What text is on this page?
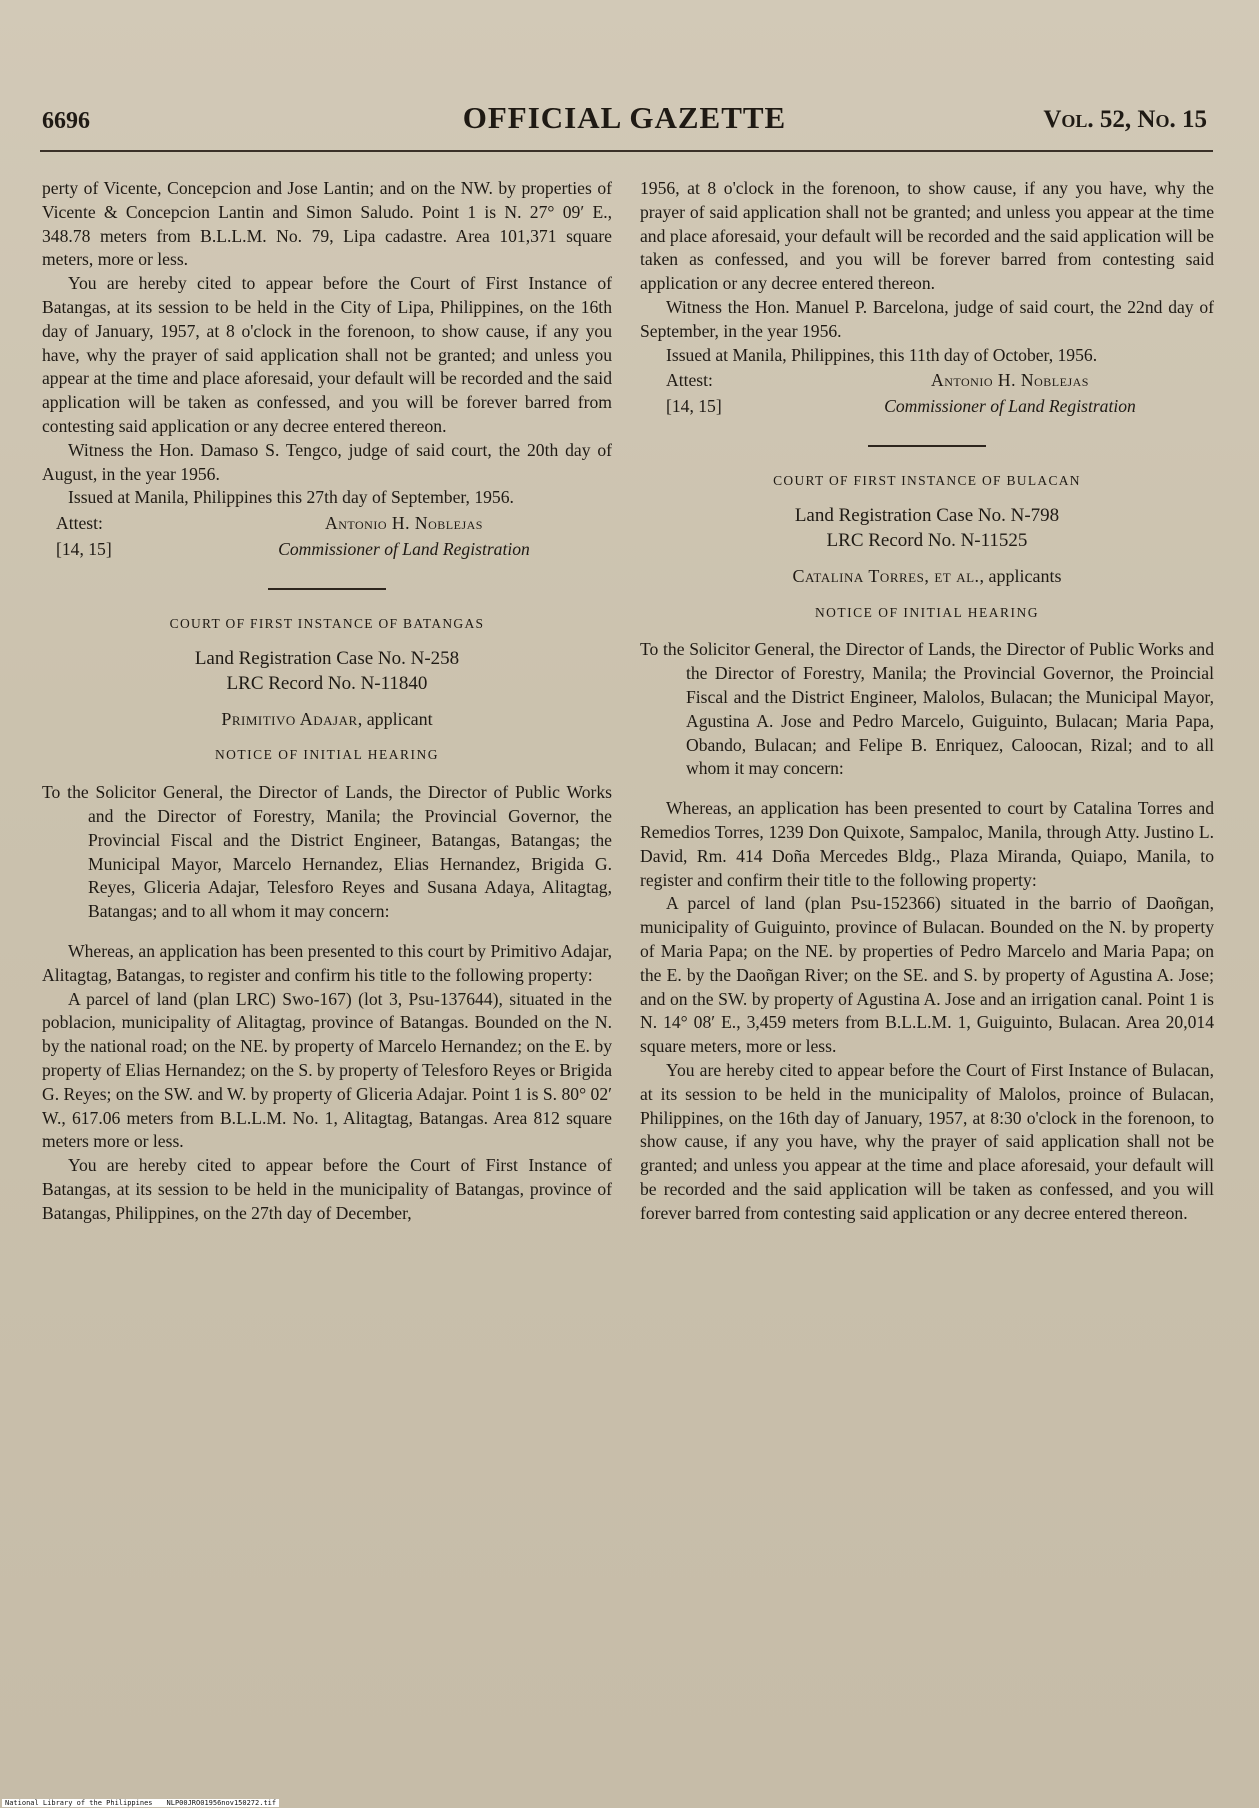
6696	OFFICIAL GAZETTE	Vol. 52, No. 15

perty of Vicente, Concepcion and Jose Lantin; and on the NW. by properties of Vicente & Concepcion Lantin and Simon Saludo. Point 1 is N. 27° 09′ E., 348.78 meters from B.L.L.M. No. 79, Lipa cadastre. Area 101,371 square meters, more or less.

You are hereby cited to appear before the Court of First Instance of Batangas, at its session to be held in the City of Lipa, Philippines, on the 16th day of January, 1957, at 8 o'clock in the forenoon, to show cause, if any you have, why the prayer of said application shall not be granted; and unless you appear at the time and place aforesaid, your default will be recorded and the said application will be taken as confessed, and you will be forever barred from contesting said application or any decree entered thereon.

Witness the Hon. Damaso S. Tengco, judge of said court, the 20th day of August, in the year 1956.

Issued at Manila, Philippines this 27th day of September, 1956.

Attest:	Antonio H. Noblejas
[14, 15]	Commissioner of Land Registration
COURT OF FIRST INSTANCE OF BATANGAS
Land Registration Case No. N-258
LRC Record No. N-11840
Primitivo Adajar, applicant
NOTICE OF INITIAL HEARING

To the Solicitor General, the Director of Lands, the Director of Public Works and the Director of Forestry, Manila; the Provincial Governor, the Provincial Fiscal and the District Engineer, Batangas, Batangas; the Municipal Mayor, Marcelo Hernandez, Elias Hernandez, Brigida G. Reyes, Gliceria Adajar, Telesforo Reyes and Susana Adaya, Alitagtag, Batangas; and to all whom it may concern:

Whereas, an application has been presented to this court by Primitivo Adajar, Alitagtag, Batangas, to register and confirm his title to the following property:

A parcel of land (plan LRC) Swo-167) (lot 3, Psu-137644), situated in the poblacion, municipality of Alitagtag, province of Batangas. Bounded on the N. by the national road; on the NE. by property of Marcelo Hernandez; on the E. by property of Elias Hernandez; on the S. by property of Telesforo Reyes or Brigida G. Reyes; on the SW. and W. by property of Gliceria Adajar. Point 1 is S. 80° 02′ W., 617.06 meters from B.L.L.M. No. 1, Alitagtag, Batangas. Area 812 square meters more or less.

You are hereby cited to appear before the Court of First Instance of Batangas, at its session to be held in the municipality of Batangas, province of Batangas, Philippines, on the 27th day of December,

1956, at 8 o'clock in the forenoon, to show cause, if any you have, why the prayer of said application shall not be granted; and unless you appear at the time and place aforesaid, your default will be recorded and the said application will be taken as confessed, and you will be forever barred from contesting said application or any decree entered thereon.

Witness the Hon. Manuel P. Barcelona, judge of said court, the 22nd day of September, in the year 1956.

Issued at Manila, Philippines, this 11th day of October, 1956.

Attest:	Antonio H. Noblejas
[14, 15]	Commissioner of Land Registration
COURT OF FIRST INSTANCE OF BULACAN
Land Registration Case No. N-798
LRC Record No. N-11525
Catalina Torres, et al., applicants
NOTICE OF INITIAL HEARING

To the Solicitor General, the Director of Lands, the Director of Public Works and the Director of Forestry, Manila; the Provincial Governor, the Proincial Fiscal and the District Engineer, Malolos, Bulacan; the Municipal Mayor, Agustina A. Jose and Pedro Marcelo, Guiguinto, Bulacan; Maria Papa, Obando, Bulacan; and Felipe B. Enriquez, Caloocan, Rizal; and to all whom it may concern:

Whereas, an application has been presented to court by Catalina Torres and Remedios Torres, 1239 Don Quixote, Sampaloc, Manila, through Atty. Justino L. David, Rm. 414 Doña Mercedes Bldg., Plaza Miranda, Quiapo, Manila, to register and confirm their title to the following property:

A parcel of land (plan Psu-152366) situated in the barrio of Daoñgan, municipality of Guiguinto, province of Bulacan. Bounded on the N. by property of Maria Papa; on the NE. by properties of Pedro Marcelo and Maria Papa; on the E. by the Daoñgan River; on the SE. and S. by property of Agustina A. Jose; and on the SW. by property of Agustina A. Jose and an irrigation canal. Point 1 is N. 14° 08′ E., 3,459 meters from B.L.L.M. 1, Guiguinto, Bulacan. Area 20,014 square meters, more or less.

You are hereby cited to appear before the Court of First Instance of Bulacan, at its session to be held in the municipality of Malolos, proince of Bulacan, Philippines, on the 16th day of January, 1957, at 8:30 o'clock in the forenoon, to show cause, if any you have, why the prayer of said application shall not be granted; and unless you appear at the time and place aforesaid, your default will be recorded and the said application will be taken as confessed, and you will forever barred from contesting said application or any decree entered thereon.

National Library of the Philippines NLP00JRO01956nov150272.tif
